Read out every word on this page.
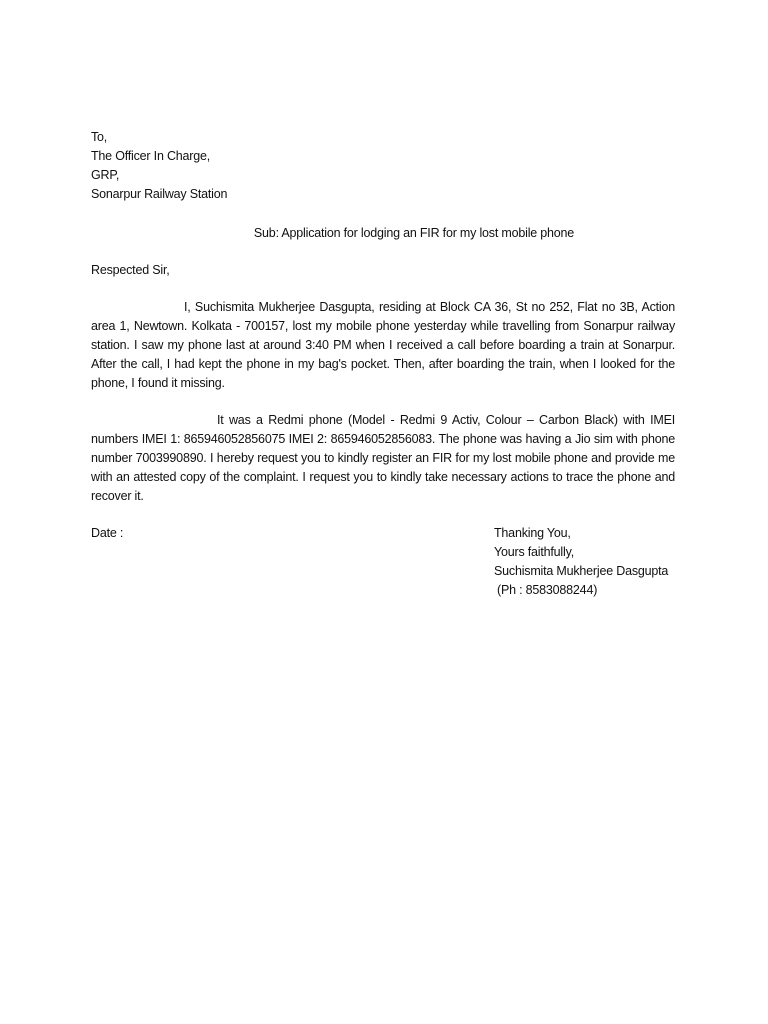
To,
The Officer In Charge,
GRP,
Sonarpur Railway Station
Sub: Application for lodging an FIR for my lost mobile phone
Respected Sir,

I, Suchismita Mukherjee Dasgupta, residing at Block CA 36, St no 252, Flat no 3B, Action area 1, Newtown. Kolkata - 700157, lost my mobile phone yesterday while travelling from Sonarpur railway station. I saw my phone last at around 3:40 PM when I received a call before boarding a train at Sonarpur. After the call, I had kept the phone in my bag's pocket. Then, after boarding the train, when I looked for the phone, I found it missing.

It was a Redmi phone (Model - Redmi 9 Activ, Colour – Carbon Black) with IMEI numbers IMEI 1: 865946052856075 IMEI 2: 865946052856083. The phone was having a Jio sim with phone number 7003990890. I hereby request you to kindly register an FIR for my lost mobile phone and provide me with an attested copy of the complaint. I request you to kindly take necessary actions to trace the phone and recover it.

Date :	Thanking You,
Yours faithfully,
Suchismita Mukherjee Dasgupta
(Ph : 8583088244)
